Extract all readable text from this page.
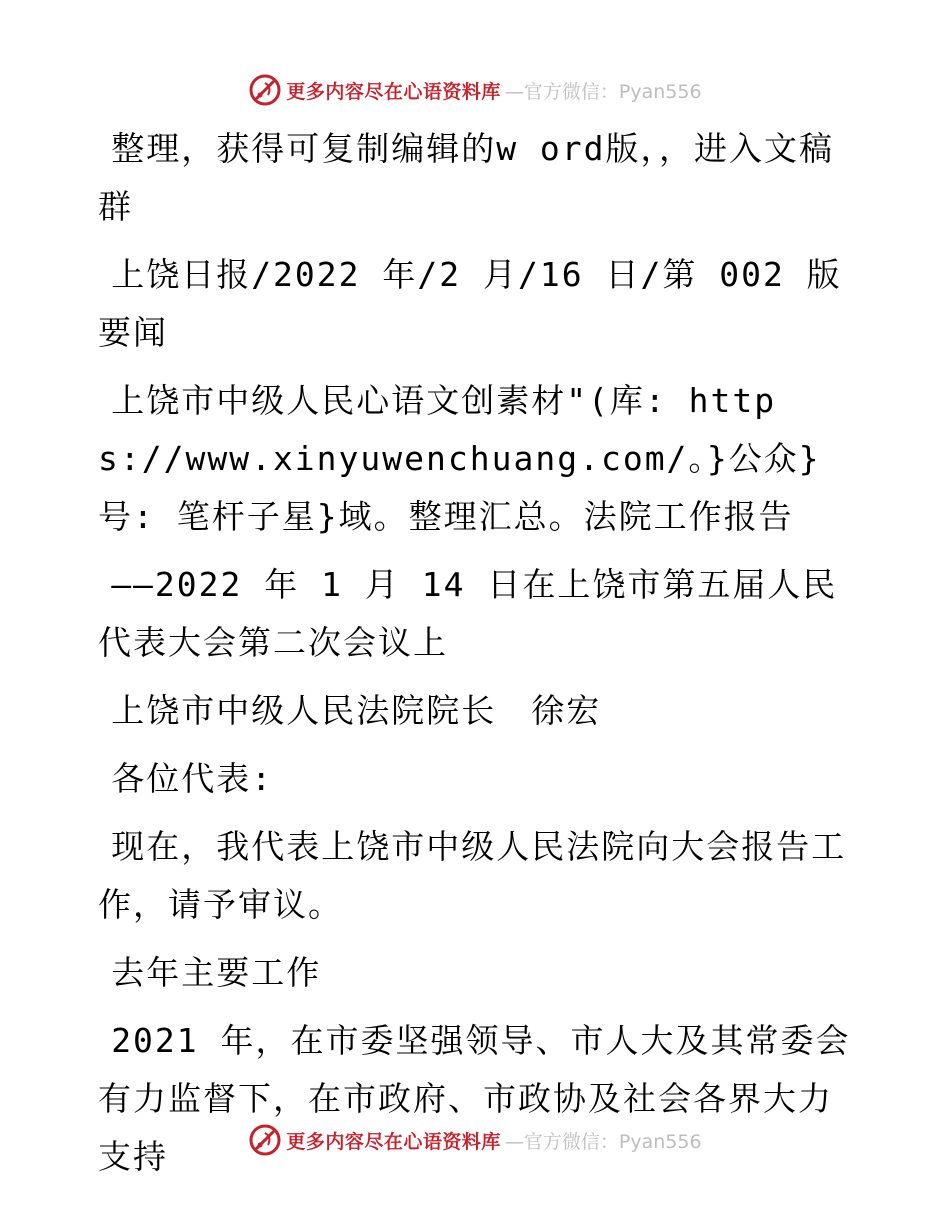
更多内容尽在心语资料库 —官方微信：Pyan556

整理，获得可复制编辑的w ord版，，进入文稿群

上饶日报/2022 年/2 月/16 日/第 002 版要闻

上饶市中级人民心语文创素材"(库: https://www.xinyuwenchuang.com/。}公众}号: 笔杆子星}域。整理汇总。法院工作报告

——2022 年 1 月 14 日在上饶市第五届人民代表大会第二次会议上

上饶市中级人民法院院长　徐宏

各位代表:

现在，我代表上饶市中级人民法院向大会报告工作，请予审议。

去年主要工作

2021 年，在市委坚强领导、市人大及其常委会有力监督下，在市政府、市政协及社会各界大力支持	更多内容尽在心语资料库 —官方微信：Pyan556
